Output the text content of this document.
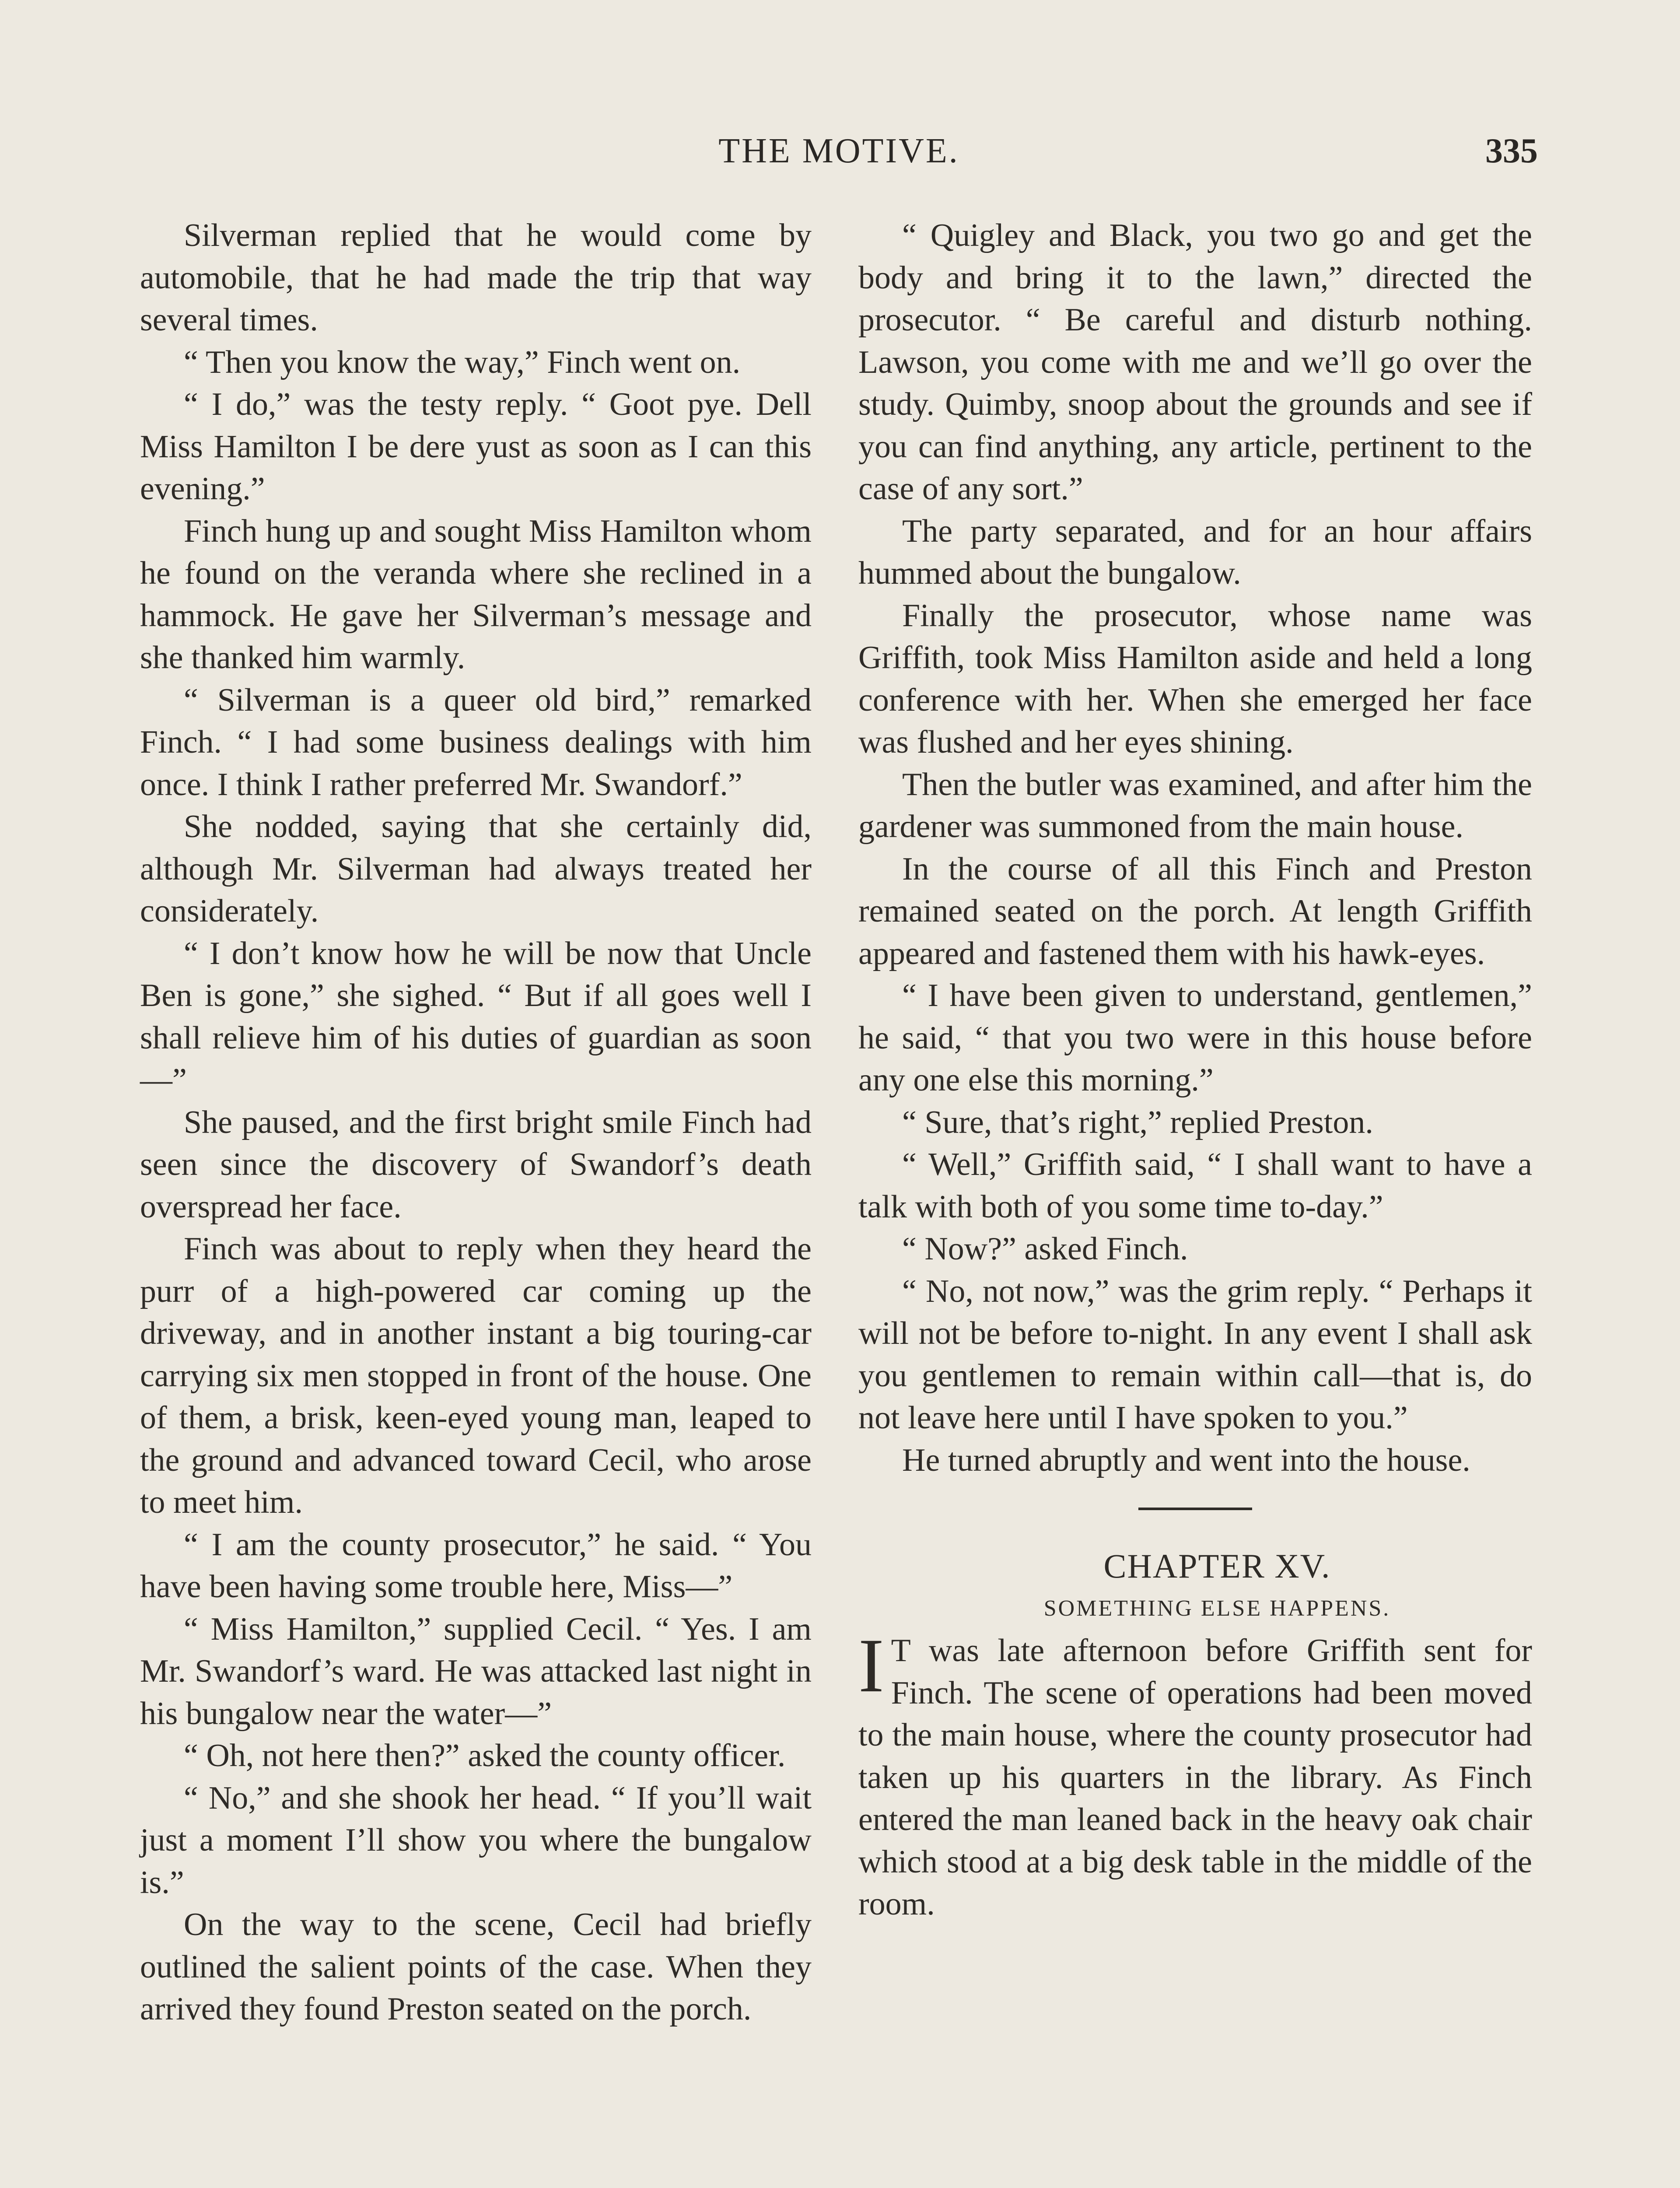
THE MOTIVE.	335

Silverman replied that he would come by automobile, that he had made the trip that way several times.

“ Then you know the way,” Finch went on.

“ I do,” was the testy reply. “ Goot pye. Dell Miss Hamilton I be dere yust as soon as I can this evening.”

Finch hung up and sought Miss Hamilton whom he found on the veranda where she reclined in a hammock. He gave her Silverman’s message and she thanked him warmly.

“ Silverman is a queer old bird,” remarked Finch. “ I had some business dealings with him once. I think I rather preferred Mr. Swandorf.”

She nodded, saying that she certainly did, although Mr. Silverman had always treated her considerately.

“ I don’t know how he will be now that Uncle Ben is gone,” she sighed. “ But if all goes well I shall relieve him of his duties of guardian as soon—”

She paused, and the first bright smile Finch had seen since the discovery of Swandorf’s death overspread her face.

Finch was about to reply when they heard the purr of a high-powered car coming up the driveway, and in another instant a big touring-car carrying six men stopped in front of the house. One of them, a brisk, keen-eyed young man, leaped to the ground and advanced toward Cecil, who arose to meet him.

“ I am the county prosecutor,” he said. “ You have been having some trouble here, Miss—”

“ Miss Hamilton,” supplied Cecil. “ Yes. I am Mr. Swandorf’s ward. He was attacked last night in his bungalow near the water—”

“ Oh, not here then?” asked the county officer.

“ No,” and she shook her head. “ If you’ll wait just a moment I’ll show you where the bungalow is.”

On the way to the scene, Cecil had briefly outlined the salient points of the case. When they arrived they found Preston seated on the porch.

“ Quigley and Black, you two go and get the body and bring it to the lawn,” directed the prosecutor. “ Be careful and disturb nothing. Lawson, you come with me and we’ll go over the study. Quimby, snoop about the grounds and see if you can find anything, any article, pertinent to the case of any sort.”

The party separated, and for an hour affairs hummed about the bungalow.

Finally the prosecutor, whose name was Griffith, took Miss Hamilton aside and held a long conference with her. When she emerged her face was flushed and her eyes shining.

Then the butler was examined, and after him the gardener was summoned from the main house.

In the course of all this Finch and Preston remained seated on the porch. At length Griffith appeared and fastened them with his hawk-eyes.

“ I have been given to understand, gentlemen,” he said, “ that you two were in this house before any one else this morning.”

“ Sure, that’s right,” replied Preston.

“ Well,” Griffith said, “ I shall want to have a talk with both of you some time to-day.”

“ Now?” asked Finch.

“ No, not now,” was the grim reply. “ Perhaps it will not be before to-night. In any event I shall ask you gentlemen to remain within call—that is, do not leave here until I have spoken to you.”

He turned abruptly and went into the house.

CHAPTER XV.

SOMETHING ELSE HAPPENS.

I T was late afternoon before Griffith sent for Finch. The scene of operations had been moved to the main house, where the county prosecutor had taken up his quarters in the library. As Finch entered the man leaned back in the heavy oak chair which stood at a big desk table in the middle of the room.
